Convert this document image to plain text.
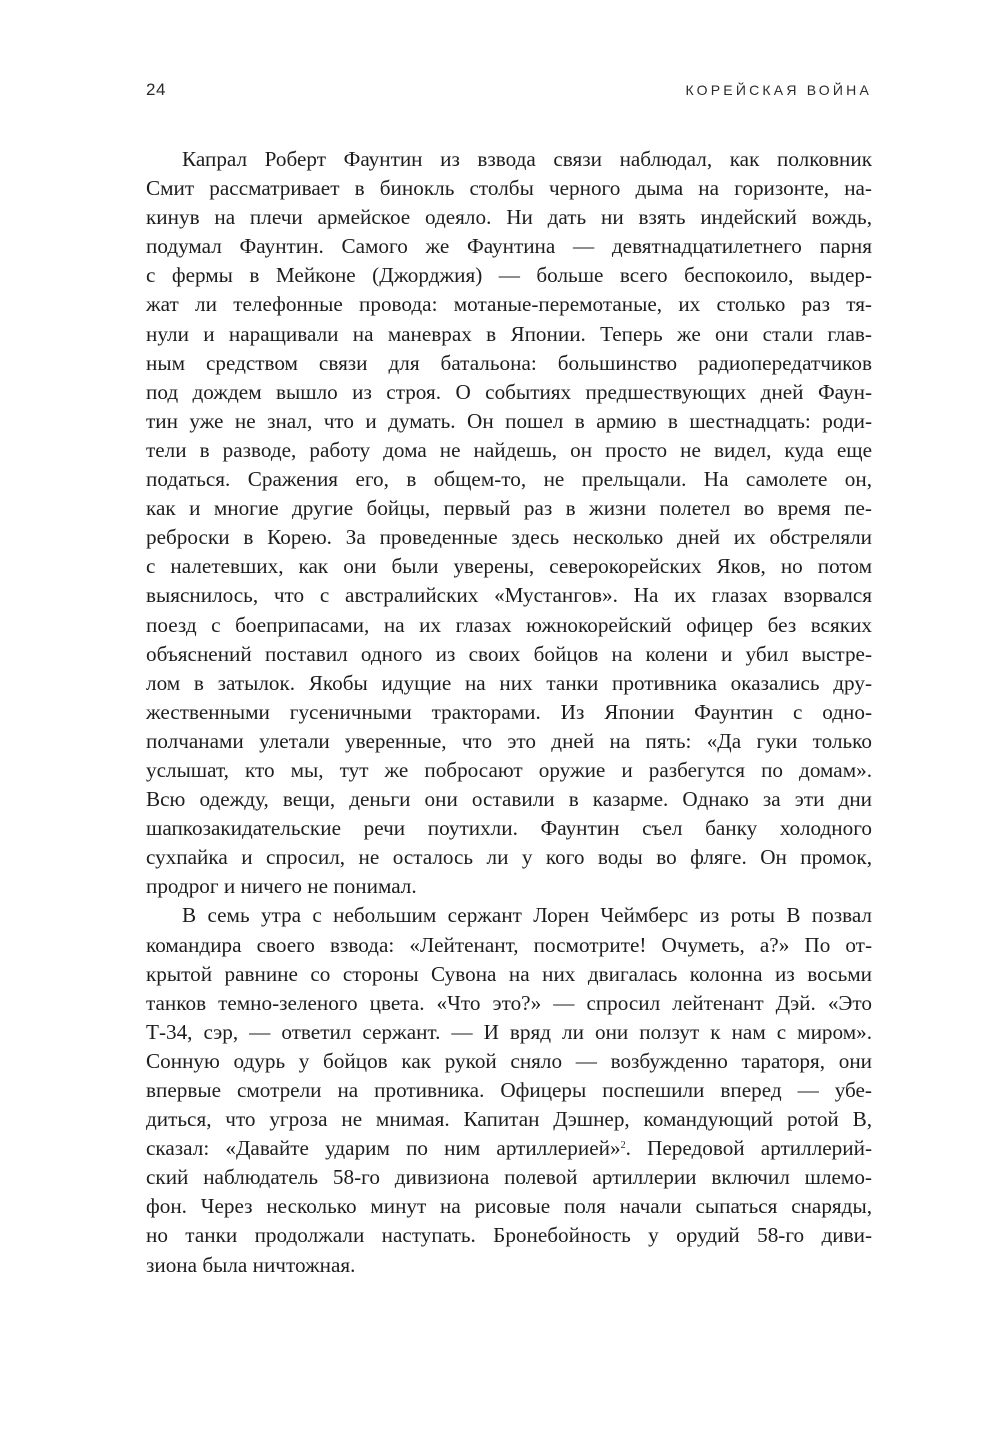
24	КОРЕЙСКАЯ ВОЙНА
Капрал Роберт Фаунтин из взвода связи наблюдал, как полковник
Смит рассматривает в бинокль столбы черного дыма на горизонте, на-
кинув на плечи армейское одеяло. Ни дать ни взять индейский вождь,
подумал Фаунтин. Самого же Фаунтина — девятнадцатилетнего парня
с фермы в Мейконе (Джорджия) — больше всего беспокоило, выдер-
жат ли телефонные провода: мотаные-перемотаные, их столько раз тя-
нули и наращивали на маневрах в Японии. Теперь же они стали глав-
ным средством связи для батальона: большинство радиопередатчиков
под дождем вышло из строя. О событиях предшествующих дней Фаун-
тин уже не знал, что и думать. Он пошел в армию в шестнадцать: роди-
тели в разводе, работу дома не найдешь, он просто не видел, куда еще
податься. Сражения его, в общем-то, не прельщали. На самолете он,
как и многие другие бойцы, первый раз в жизни полетел во время пе-
реброски в Корею. За проведенные здесь несколько дней их обстреляли
с налетевших, как они были уверены, северокорейских Яков, но потом
выяснилось, что с австралийских «Мустангов». На их глазах взорвался
поезд с боеприпасами, на их глазах южнокорейский офицер без всяких
объяснений поставил одного из своих бойцов на колени и убил выстре-
лом в затылок. Якобы идущие на них танки противника оказались дру-
жественными гусеничными тракторами. Из Японии Фаунтин с одно-
полчанами улетали уверенные, что это дней на пять: «Да гуки только
услышат, кто мы, тут же побросают оружие и разбегутся по домам».
Всю одежду, вещи, деньги они оставили в казарме. Однако за эти дни
шапкозакидательские речи поутихли. Фаунтин съел банку холодного
сухпайка и спросил, не осталось ли у кого воды во фляге. Он промок,
продрог и ничего не понимал.
В семь утра с небольшим сержант Лорен Чеймберс из роты В позвал
командира своего взвода: «Лейтенант, посмотрите! Очуметь, а?» По от-
крытой равнине со стороны Сувона на них двигалась колонна из восьми
танков темно-зеленого цвета. «Что это?» — спросил лейтенант Дэй. «Это
Т-34, сэр, — ответил сержант. — И вряд ли они ползут к нам с миром».
Сонную одурь у бойцов как рукой сняло — возбужденно тараторя, они
впервые смотрели на противника. Офицеры поспешили вперед — убе-
диться, что угроза не мнимая. Капитан Дэшнер, командующий ротой В,
сказал: «Давайте ударим по ним артиллерией»$^2$. Передовой артиллерий-
ский наблюдатель 58-го дивизиона полевой артиллерии включил шлемо-
фон. Через несколько минут на рисовые поля начали сыпаться снаряды,
но танки продолжали наступать. Бронебойность у орудий 58-го диви-
зиона была ничтожная.
